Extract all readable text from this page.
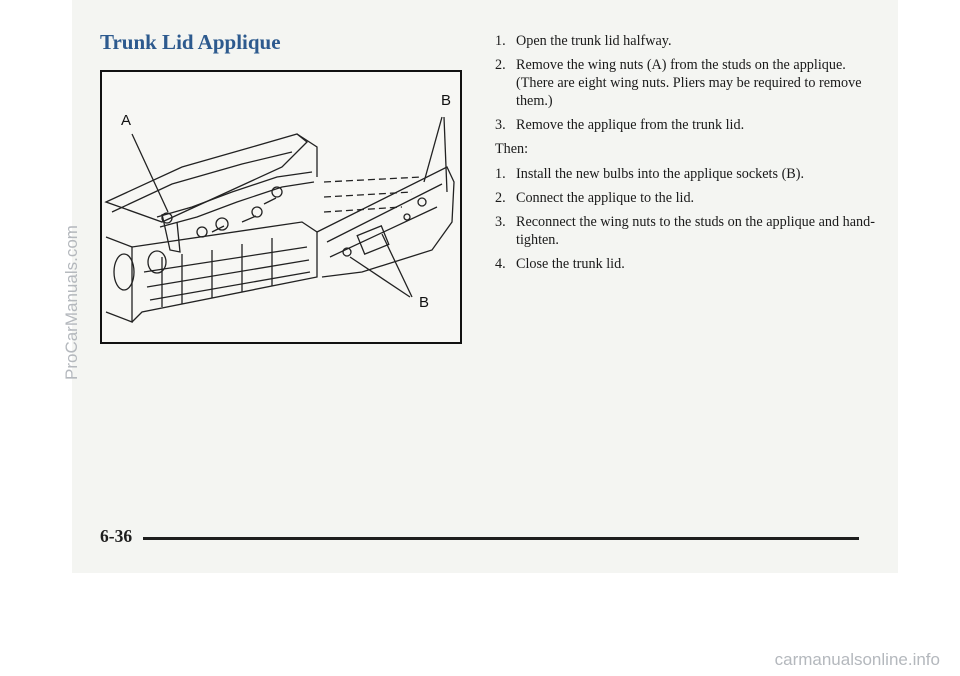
Trunk Lid Applique
A
B
B
1. Open the trunk lid halfway.
2. Remove the wing nuts (A) from the studs on the applique. (There are eight wing nuts. Pliers may be required to remove them.)
3. Remove the applique from the trunk lid.
Then:
1. Install the new bulbs into the applique sockets (B).
2. Connect the applique to the lid.
3. Reconnect the wing nuts to the studs on the applique and hand-tighten.
4. Close the trunk lid.
6-36
ProCarManuals.com
carmanualsonline.info
